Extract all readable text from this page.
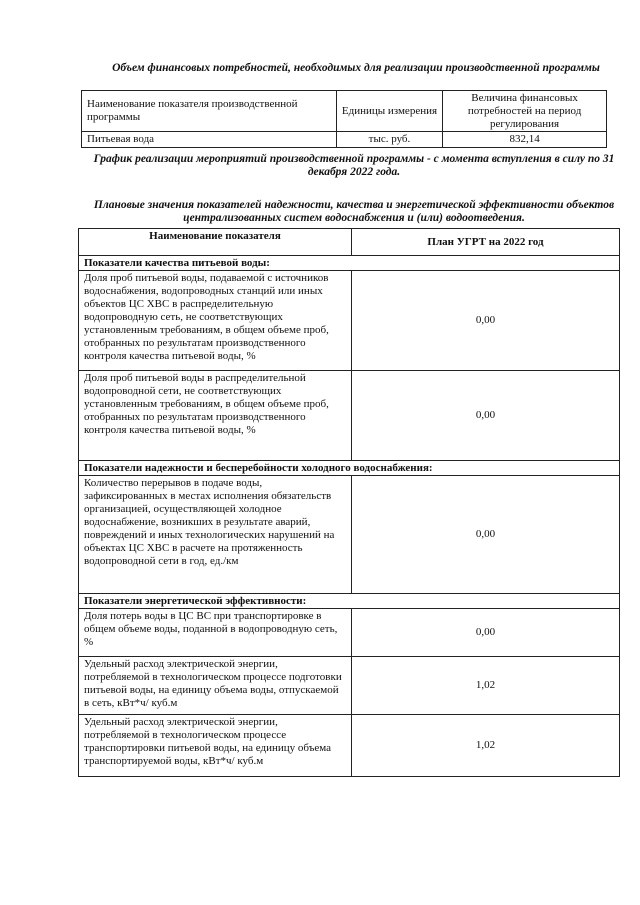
Объем финансовых потребностей, необходимых для реализации производственной программы
Наименование показателя производственной программы	Единицы измерения	Величина финансовых потребностей на период регулирования
Питьевая вода	тыс. руб.	832,14
График реализации мероприятий производственной программы - с момента вступления в силу по 31 декабря 2022 года.
Плановые значения показателей надежности, качества и энергетической эффективности объектов централизованных систем водоснабжения и (или) водоотведения.
Наименование показателя	План УГРТ на 2022 год
Показатели качества питьевой воды:	
Доля проб питьевой воды, подаваемой с источников водоснабжения, водопроводных станций или иных объектов ЦС ХВС в распределительную водопроводную сеть, не соответствующих установленным требованиям, в общем объеме проб, отобранных по результатам производственного контроля качества питьевой воды, %	0,00
Доля проб питьевой воды в распределительной водопроводной сети, не соответствующих установленным требованиям, в общем объеме проб, отобранных по результатам производственного контроля качества питьевой воды, %	0,00
Показатели надежности и бесперебойности холодного водоснабжения:	
Количество перерывов в подаче воды, зафиксированных в местах исполнения обязательств организацией, осуществляющей холодное водоснабжение, возникших в результате аварий, повреждений и иных технологических нарушений на объектах ЦС ХВС в расчете на протяженность водопроводной сети в год, ед./км	0,00
Показатели энергетической эффективности:	
Доля потерь воды в ЦС ВС при транспортировке в общем объеме воды, поданной в водопроводную сеть, %	0,00
Удельный расход электрической энергии, потребляемой в технологическом процессе подготовки питьевой воды, на единицу объема воды, отпускаемой в сеть, кВт*ч/ куб.м	1,02
Удельный расход электрической энергии, потребляемой в технологическом процессе транспортировки питьевой воды, на единицу объема транспортируемой воды, кВт*ч/ куб.м	1,02
